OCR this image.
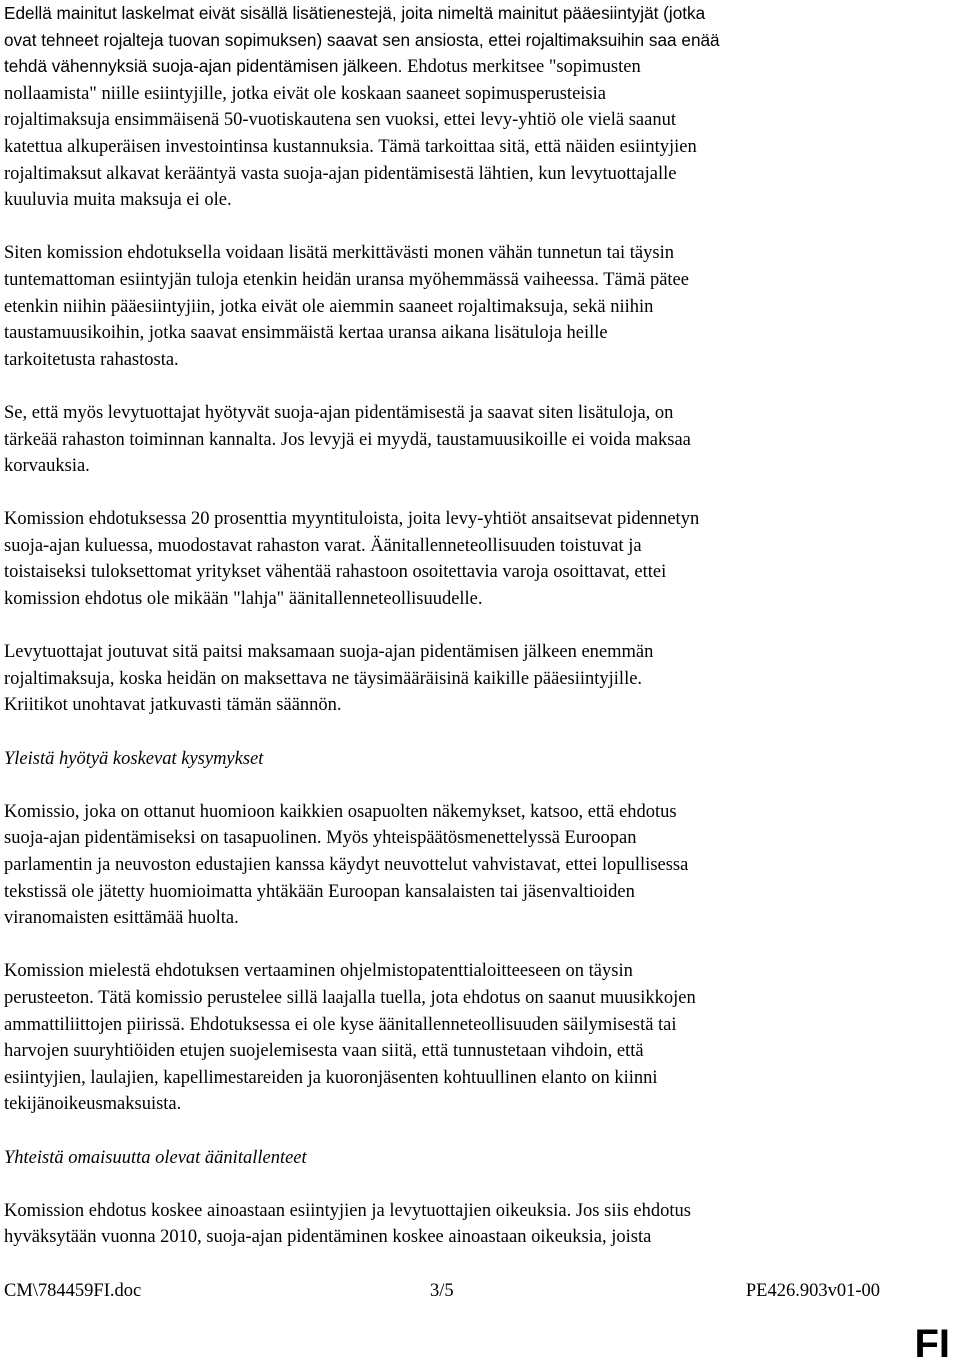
Edellä mainitut laskelmat eivät sisällä lisätienestejä, joita nimeltä mainitut pääesiintyjät (jotka

ovat tehneet rojalteja tuovan sopimuksen) saavat sen ansiosta, ettei rojaltimaksuihin saa enää

tehdä vähennyksiä suoja-ajan pidentämisen jälkeen. Ehdotus merkitsee "sopimusten

nollaamista" niille esiintyjille, jotka eivät ole koskaan saaneet sopimusperusteisia

rojaltimaksuja ensimmäisenä 50-vuotiskautena sen vuoksi, ettei levy-yhtiö ole vielä saanut

katettua alkuperäisen investointinsa kustannuksia. Tämä tarkoittaa sitä, että näiden esiintyjien

rojaltimaksut alkavat kerääntyä vasta suoja-ajan pidentämisestä lähtien, kun levytuottajalle

kuuluvia muita maksuja ei ole.

Siten komission ehdotuksella voidaan lisätä merkittävästi monen vähän tunnetun tai täysin

tuntemattoman esiintyjän tuloja etenkin heidän uransa myöhemmässä vaiheessa. Tämä pätee

etenkin niihin pääesiintyjiin, jotka eivät ole aiemmin saaneet rojaltimaksuja, sekä niihin

taustamuusikoihin, jotka saavat ensimmäistä kertaa uransa aikana lisätuloja heille

tarkoitetusta rahastosta.

Se, että myös levytuottajat hyötyvät suoja-ajan pidentämisestä ja saavat siten lisätuloja, on

tärkeää rahaston toiminnan kannalta. Jos levyjä ei myydä, taustamuusikoille ei voida maksaa

korvauksia.

Komission ehdotuksessa 20 prosenttia myyntituloista, joita levy-yhtiöt ansaitsevat pidennetyn

suoja-ajan kuluessa, muodostavat rahaston varat. Äänitallenneteollisuuden toistuvat ja

toistaiseksi tuloksettomat yritykset vähentää rahastoon osoitettavia varoja osoittavat, ettei

komission ehdotus ole mikään "lahja" äänitallenneteollisuudelle.

Levytuottajat joutuvat sitä paitsi maksamaan suoja-ajan pidentämisen jälkeen enemmän

rojaltimaksuja, koska heidän on maksettava ne täysimääräisinä kaikille pääesiintyjille.

Kriitikot unohtavat jatkuvasti tämän säännön.

Yleistä hyötyä koskevat kysymykset

Komissio, joka on ottanut huomioon kaikkien osapuolten näkemykset, katsoo, että ehdotus

suoja-ajan pidentämiseksi on tasapuolinen. Myös yhteispäätösmenettelyssä Euroopan

parlamentin ja neuvoston edustajien kanssa käydyt neuvottelut vahvistavat, ettei lopullisessa

tekstissä ole jätetty huomioimatta yhtäkään Euroopan kansalaisten tai jäsenvaltioiden

viranomaisten esittämää huolta.

Komission mielestä ehdotuksen vertaaminen ohjelmistopatenttialoitteeseen on täysin

perusteeton. Tätä komissio perustelee sillä laajalla tuella, jota ehdotus on saanut muusikkojen

ammattiliittojen piirissä. Ehdotuksessa ei ole kyse äänitallenneteollisuuden säilymisestä tai

harvojen suuryhtiöiden etujen suojelemisesta vaan siitä, että tunnustetaan vihdoin, että

esiintyjien, laulajien, kapellimestareiden ja kuoronjäsenten kohtuullinen elanto on kiinni

tekijänoikeusmaksuista.

Yhteistä omaisuutta olevat äänitallenteet

Komission ehdotus koskee ainoastaan esiintyjien ja levytuottajien oikeuksia. Jos siis ehdotus

hyväksytään vuonna 2010, suoja-ajan pidentäminen koskee ainoastaan oikeuksia, joista

CM\784459FI.doc	3/5	PE426.903v01-00
FI
